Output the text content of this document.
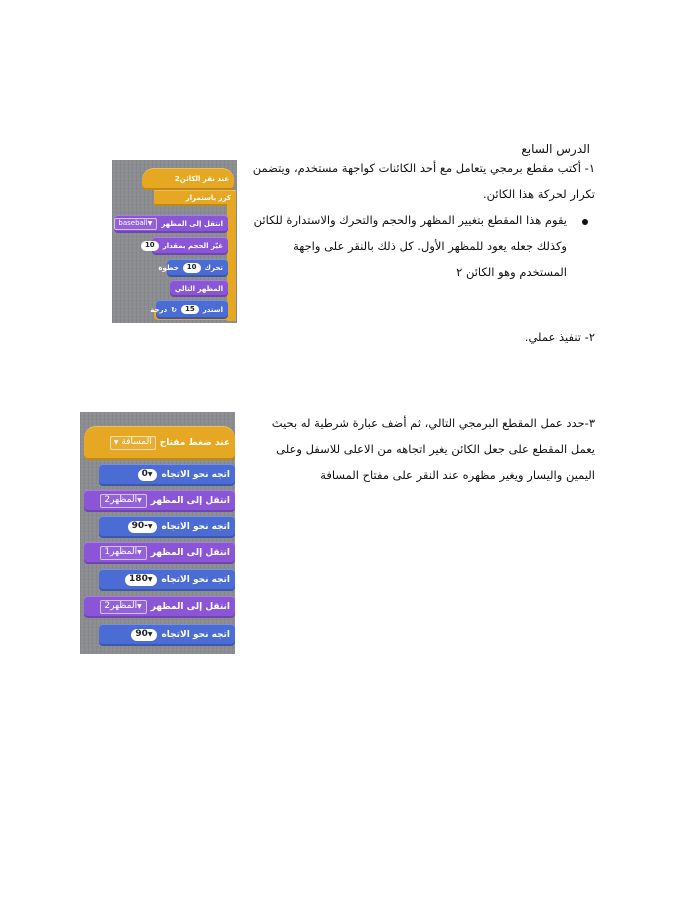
الدرس السابع
١- أكتب مقطع برمجي يتعامل مع أحد الكائنات كواجهة مستخدم، ويتضمن تكرار لحركة هذا الكائن.
يقوم هذا المقطع بتغيير المظهر والحجم والتحرك والاستدارة للكائن وكذلك جعله يعود للمظهر الأول. كل ذلك بالنقر على واجهة المستخدم وهو الكائن ٢
٢- تنفيذ عملي.
٣-حدد عمل المقطع البرمجي التالي، ثم أضف عبارة شرطية له بحيث يعمل المقطع على جعل الكائن يغير اتجاهه من الاعلى للاسفل وعلى اليمين واليسار ويغير مظهره عند النقر على مفتاح المسافة
عند نقر الكائن2
كرر باستمرار
انتقل إلى المظهر
▼baseball
غيّر الحجم بمقدار
10
تحرك
10
خطوة
المظهر التالي
استدر
15
↻
درجة
عند ضغط مفتاح
المسافة ▼
اتجه نحو الاتجاه
▼0
انتقل إلى المظهر
▼المظهر2
اتجه نحو الاتجاه
▼-90
انتقل إلى المظهر
▼المظهر1
اتجه نحو الاتجاه
▼180
انتقل إلى المظهر
▼المظهر2
اتجه نحو الاتجاه
▼90
